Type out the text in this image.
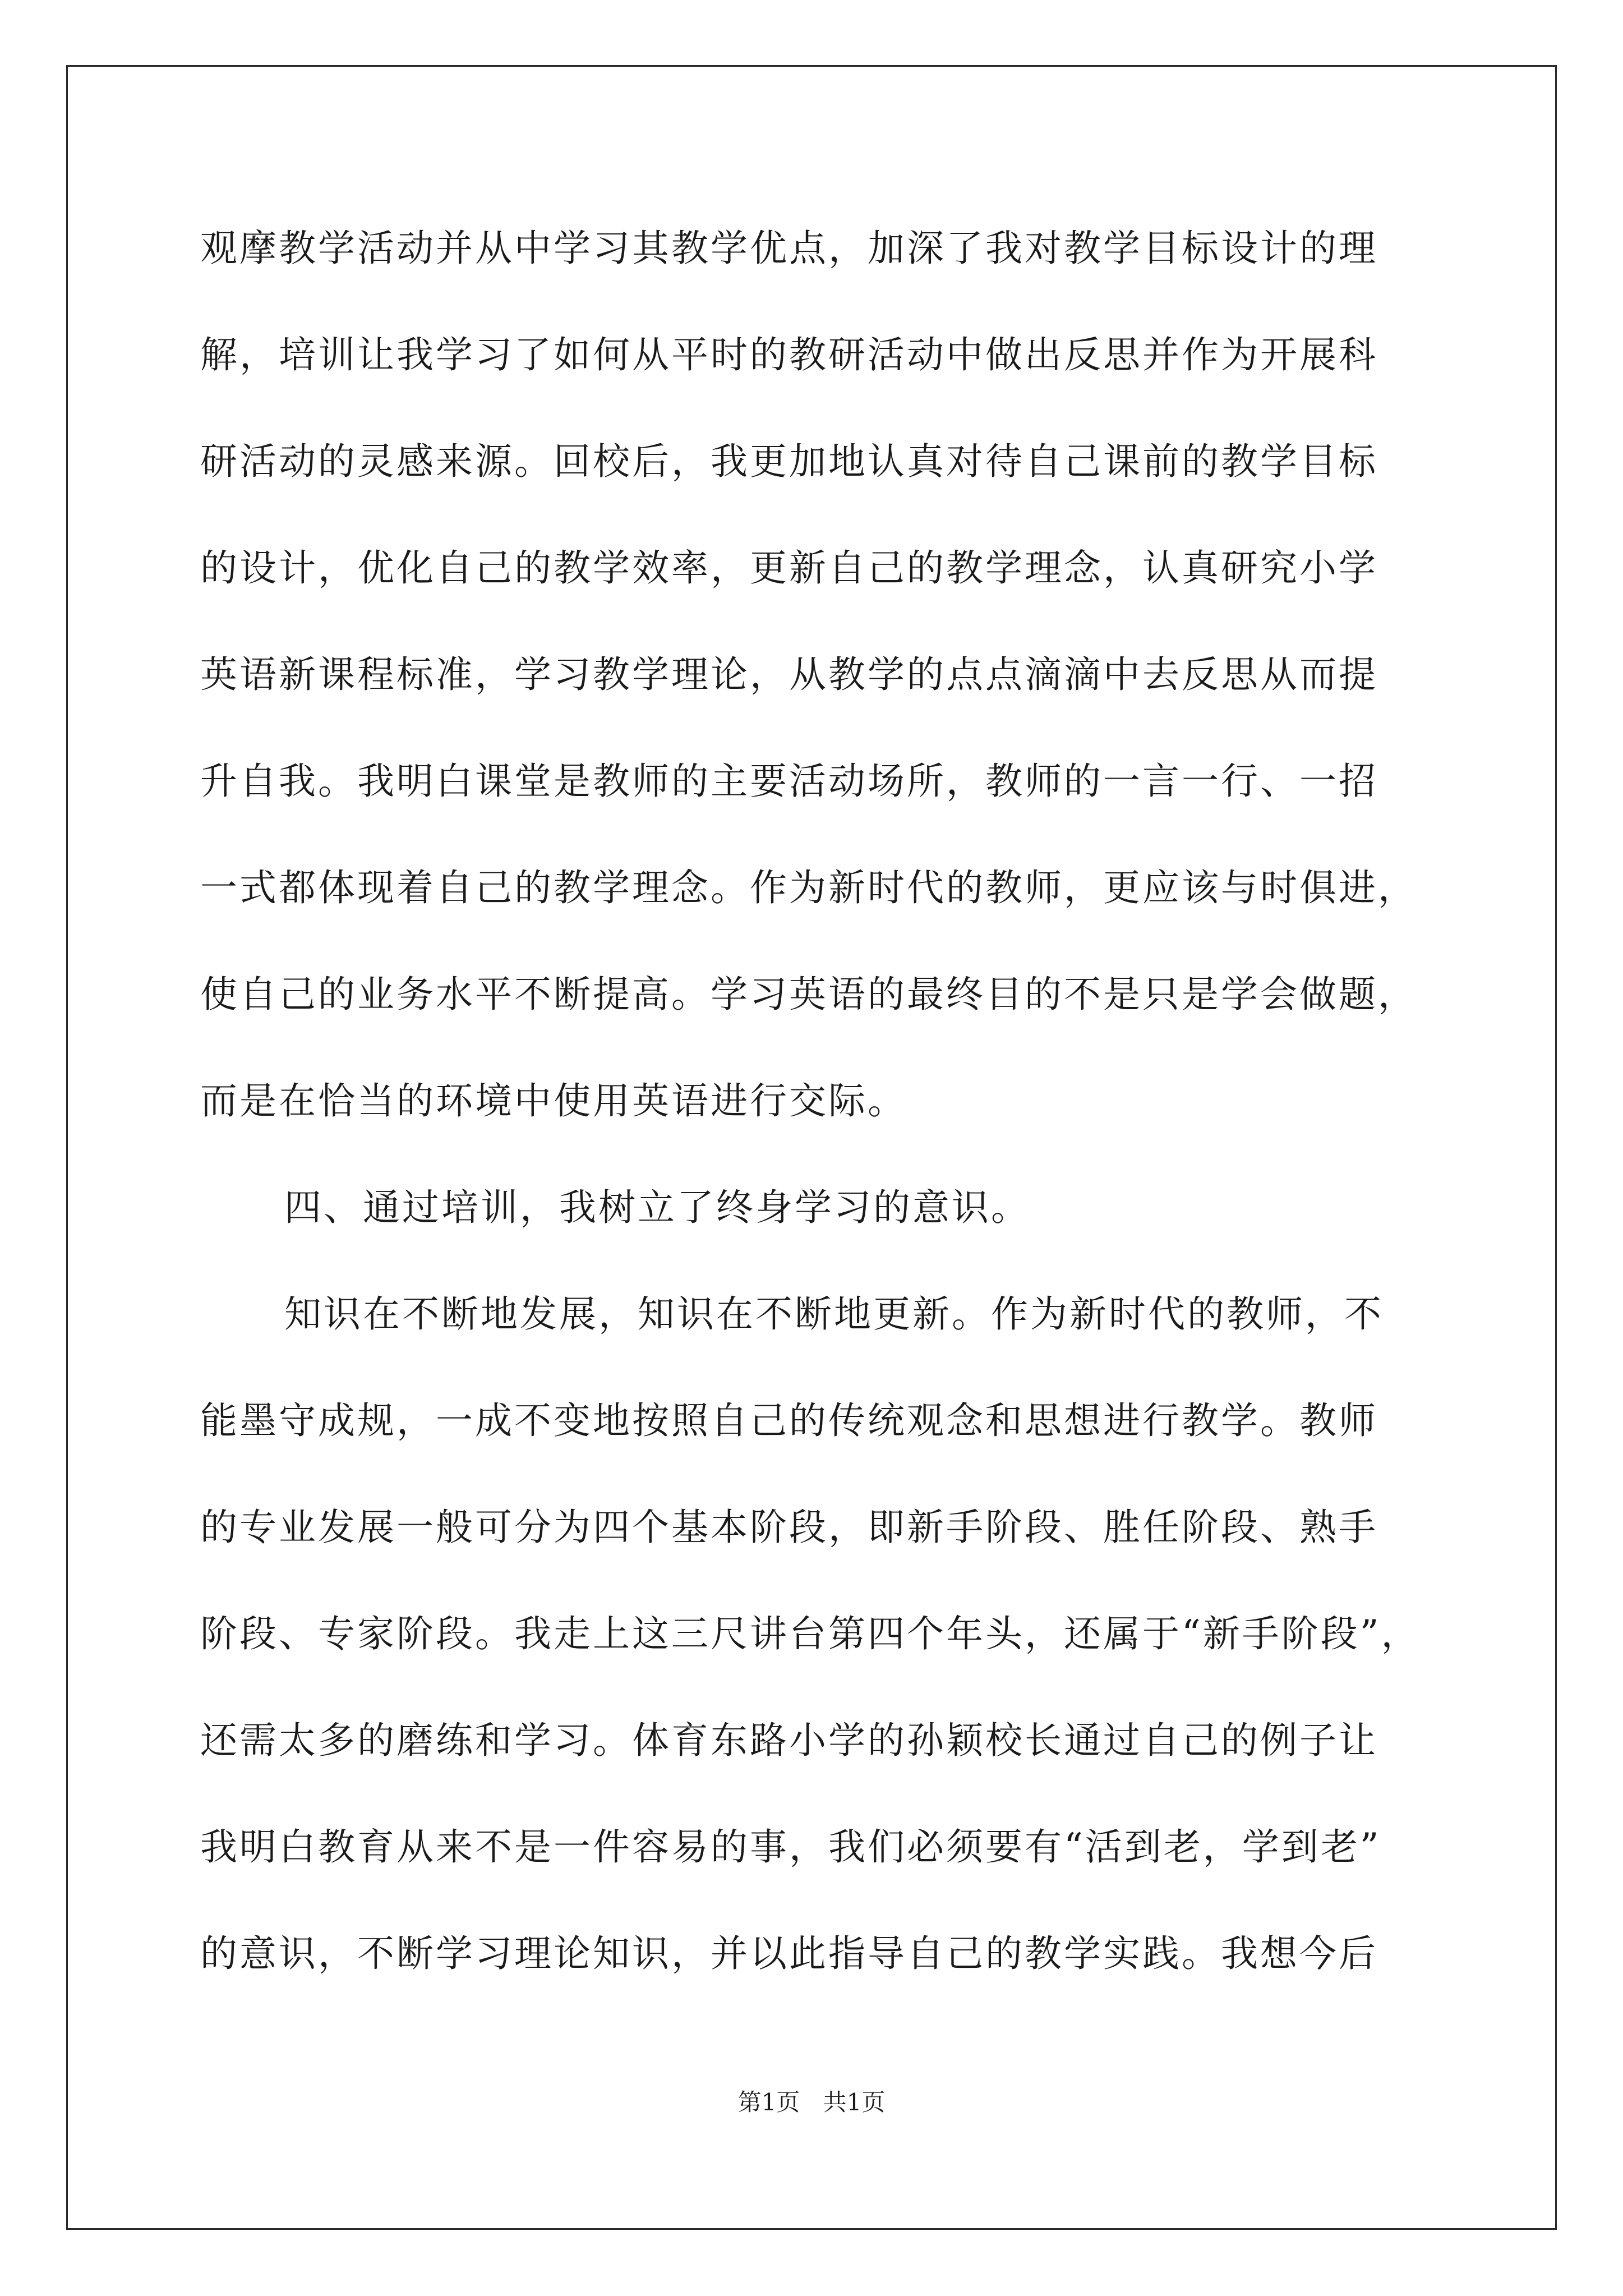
观摩教学活动并从中学习其教学优点，加深了我对教学目标设计的理
解，培训让我学习了如何从平时的教研活动中做出反思并作为开展科
研活动的灵感来源。回校后，我更加地认真对待自己课前的教学目标
的设计，优化自己的教学效率，更新自己的教学理念，认真研究小学
英语新课程标准，学习教学理论，从教学的点点滴滴中去反思从而提
升自我。我明白课堂是教师的主要活动场所，教师的一言一行、一招
一式都体现着自己的教学理念。作为新时代的教师，更应该与时俱进，
使自己的业务水平不断提高。学习英语的最终目的不是只是学会做题，
而是在恰当的环境中使用英语进行交际。
四、通过培训，我树立了终身学习的意识。
知识在不断地发展，知识在不断地更新。作为新时代的教师，不
能墨守成规，一成不变地按照自己的传统观念和思想进行教学。教师
的专业发展一般可分为四个基本阶段，即新手阶段、胜任阶段、熟手
阶段、专家阶段。我走上这三尺讲台第四个年头，还属于“新手阶段”，
还需太多的磨练和学习。体育东路小学的孙颖校长通过自己的例子让
我明白教育从来不是一件容易的事，我们必须要有“活到老，学到老”
的意识，不断学习理论知识，并以此指导自己的教学实践。我想今后
第1页 共1页
